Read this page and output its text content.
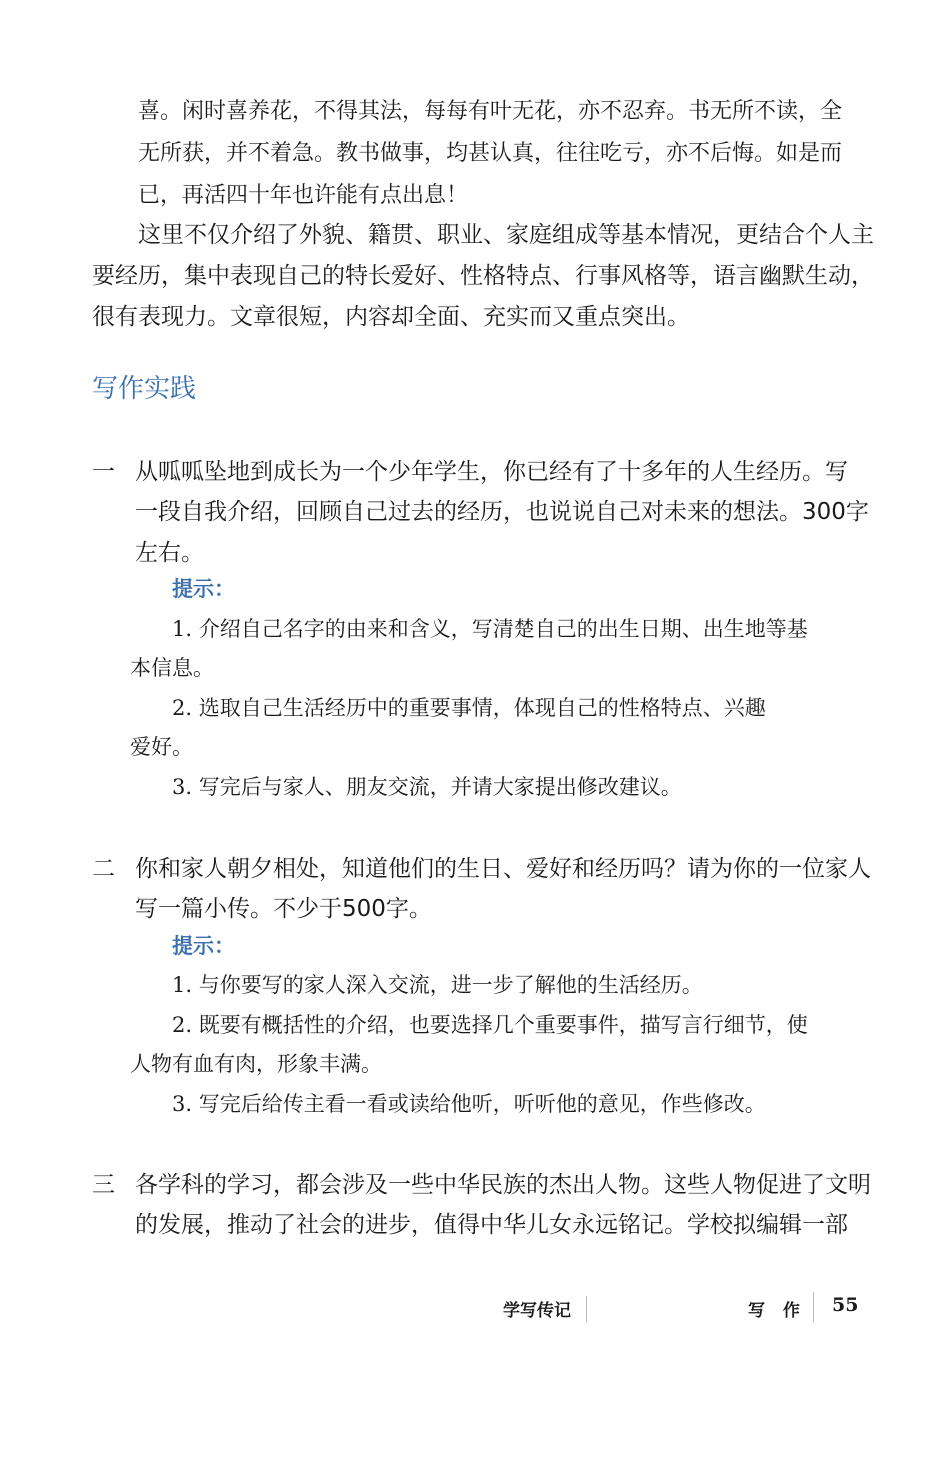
喜。闲时喜养花，不得其法，每每有叶无花，亦不忍弃。书无所不读，全
无所获，并不着急。教书做事，均甚认真，往往吃亏，亦不后悔。如是而
已，再活四十年也许能有点出息！
这里不仅介绍了外貌、籍贯、职业、家庭组成等基本情况，更结合个人主
要经历，集中表现自己的特长爱好、性格特点、行事风格等，语言幽默生动，
很有表现力。文章很短，内容却全面、充实而又重点突出。
写作实践
一 从呱呱坠地到成长为一个少年学生，你已经有了十多年的人生经历。写
一段自我介绍，回顾自己过去的经历，也说说自己对未来的想法。300字
左右。
提示：
1. 介绍自己名字的由来和含义，写清楚自己的出生日期、出生地等基
本信息。
2. 选取自己生活经历中的重要事情，体现自己的性格特点、兴趣
爱好。
3. 写完后与家人、朋友交流，并请大家提出修改建议。
二 你和家人朝夕相处，知道他们的生日、爱好和经历吗？请为你的一位家人
写一篇小传。不少于500字。
提示：
1. 与你要写的家人深入交流，进一步了解他的生活经历。
2. 既要有概括性的介绍，也要选择几个重要事件，描写言行细节，使
人物有血有肉，形象丰满。
3. 写完后给传主看一看或读给他听，听听他的意见，作些修改。
三 各学科的学习，都会涉及一些中华民族的杰出人物。这些人物促进了文明
的发展，推动了社会的进步，值得中华儿女永远铭记。学校拟编辑一部
学写传记	写 作 55
